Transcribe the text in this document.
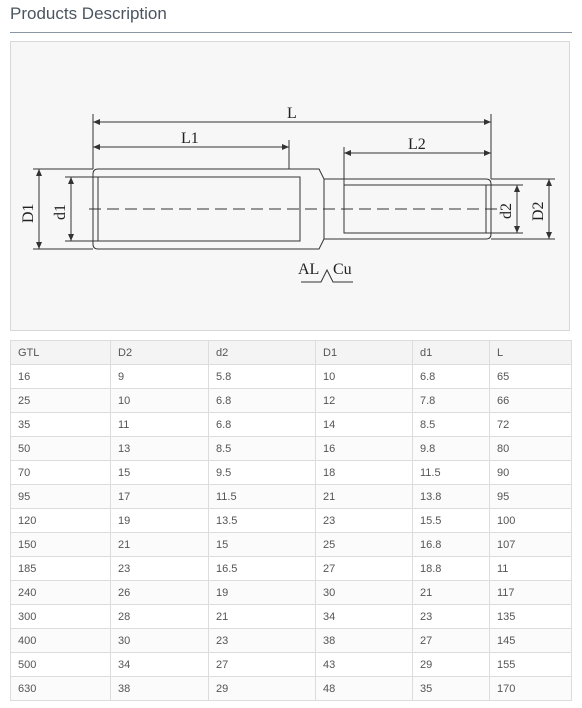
Products Description
L
L1	L2
D1 d1	d2 D2
AL Cu
GTL	D2	d2	D1	d1	L
16	9	5.8	10	6.8	65
25	10	6.8	12	7.8	66
35	11	6.8	14	8.5	72
50	13	8.5	16	9.8	80
70	15	9.5	18	11.5	90
95	17	11.5	21	13.8	95
120	19	13.5	23	15.5	100
150	21	15	25	16.8	107
185	23	16.5	27	18.8	11
240	26	19	30	21	117
300	28	21	34	23	135
400	30	23	38	27	145
500	34	27	43	29	155
630	38	29	48	35	170
